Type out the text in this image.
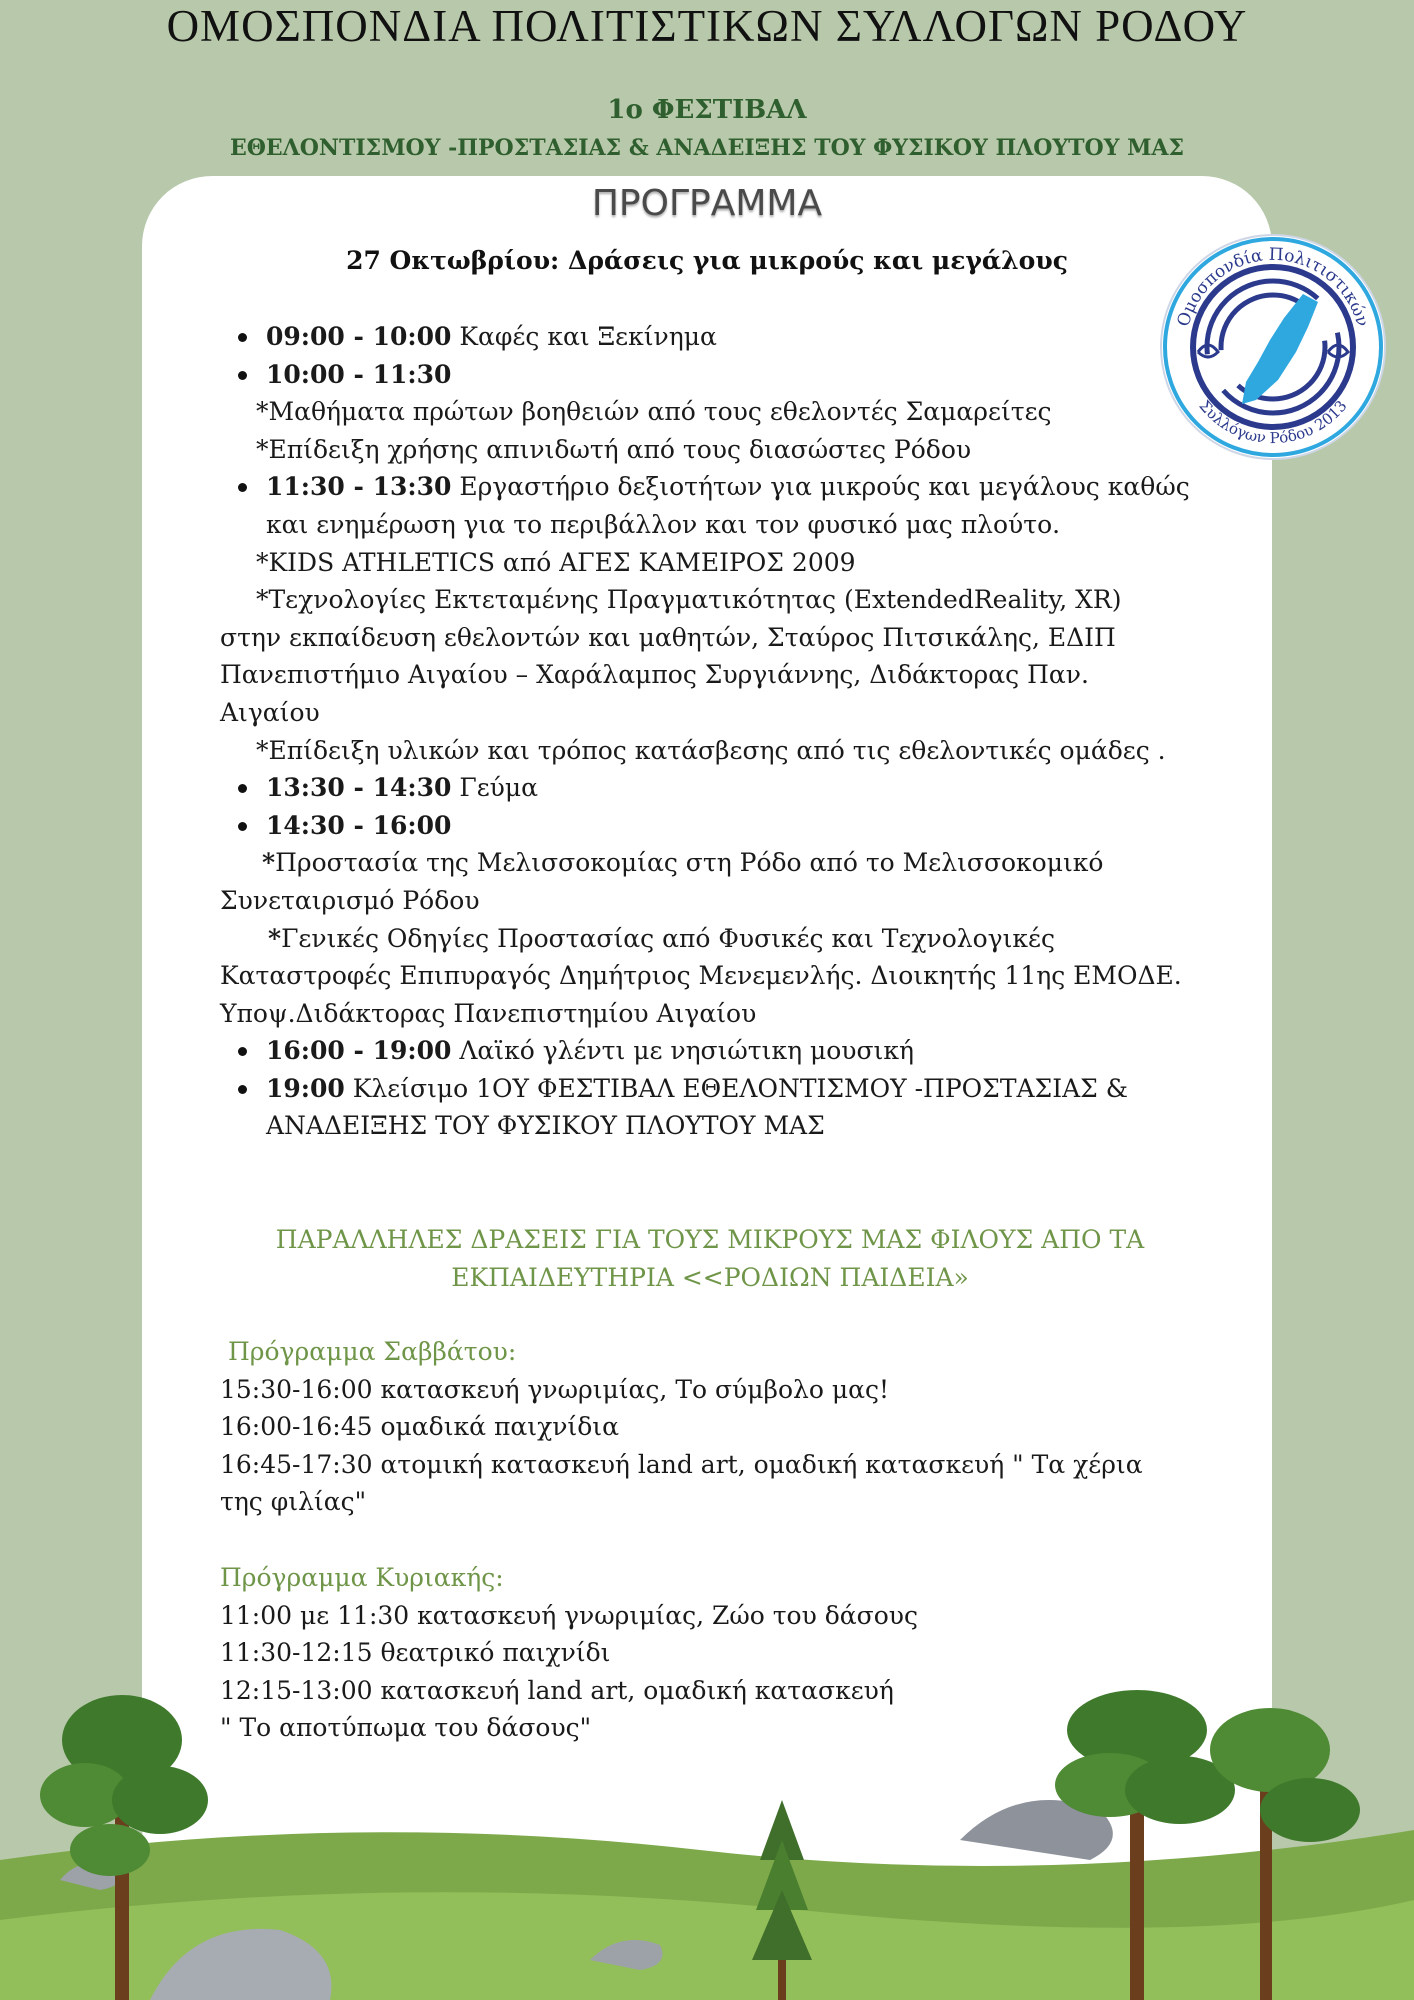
ΟΜΟΣΠΟΝΔΙΑ ΠΟΛΙΤΙΣΤΙΚΩΝ ΣΥΛΛΟΓΩΝ ΡΟΔΟΥ
1ο ΦΕΣΤΙΒΑΛ
ΕΘΕΛΟΝΤΙΣΜΟΥ -ΠΡΟΣΤΑΣΙΑΣ & ΑΝΑΔΕΙΞΗΣ ΤΟΥ ΦΥΣΙΚΟΥ ΠΛΟΥΤΟΥ ΜΑΣ
ΠΡΟΓΡΑΜΜΑ
27 Οκτωβρίου: Δράσεις για μικρούς και μεγάλους
Ομοσπονδία Πολιτιστικών
Συλλόγων Ρόδου 2013
09:00 - 10:00 Καφές και Ξεκίνημα
10:00 - 11:30
*Μαθήματα πρώτων βοηθειών από τους εθελοντές Σαμαρείτες
*Επίδειξη χρήσης απινιδωτή από τους διασώστες Ρόδου
11:30 - 13:30 Εργαστήριο δεξιοτήτων για μικρούς και μεγάλους καθώς
και ενημέρωση για το περιβάλλον και τον φυσικό μας πλούτο.
*KIDS ATHLETICS από ΑΓΕΣ ΚΑΜΕΙΡΟΣ 2009
*Τεχνολογίες Εκτεταμένης Πραγματικότητας (ExtendedReality, XR)
στην εκπαίδευση εθελοντών και μαθητών, Σταύρος Πιτσικάλης, ΕΔΙΠ
Πανεπιστήμιο Αιγαίου – Χαράλαμπος Συργιάννης, Διδάκτορας Παν.
Αιγαίου
*Επίδειξη υλικών και τρόπος κατάσβεσης από τις εθελοντικές ομάδες .
13:30 - 14:30 Γεύμα
14:30 - 16:00
*Προστασία της Μελισσοκομίας στη Ρόδο από το Μελισσοκομικό
Συνεταιρισμό Ρόδου
*Γενικές Οδηγίες Προστασίας από Φυσικές και Τεχνολογικές
Καταστροφές Επιπυραγός Δημήτριος Μενεμενλής. Διοικητής 11ης ΕΜΟΔΕ.
Υποψ.Διδάκτορας Πανεπιστημίου Αιγαίου
16:00 - 19:00 Λαϊκό γλέντι με νησιώτικη μουσική
19:00 Κλείσιμο 1ΟΥ ΦΕΣΤΙΒΑΛ ΕΘΕΛΟΝΤΙΣΜΟΥ -ΠΡΟΣΤΑΣΙΑΣ &
ΑΝΑΔΕΙΞΗΣ ΤΟΥ ΦΥΣΙΚΟΥ ΠΛΟΥΤΟΥ ΜΑΣ
ΠΑΡΑΛΛΗΛΕΣ ΔΡΑΣΕΙΣ ΓΙΑ ΤΟΥΣ ΜΙΚΡΟΥΣ ΜΑΣ ΦΙΛΟΥΣ ΑΠΟ ΤΑ
ΕΚΠΑΙΔΕΥΤΗΡΙΑ <<ΡΟΔΙΩΝ ΠΑΙΔΕΙΑ»
Πρόγραμμα Σαββάτου:
15:30-16:00 κατασκευή γνωριμίας, Το σύμβολο μας!
16:00-16:45 ομαδικά παιχνίδια
16:45-17:30 ατομική κατασκευή land art, ομαδική κατασκευή " Τα χέρια
της φιλίας"
Πρόγραμμα Κυριακής:
11:00 με 11:30 κατασκευή γνωριμίας, Ζώο του δάσους
11:30-12:15 θεατρικό παιχνίδι
12:15-13:00 κατασκευή land art, ομαδική κατασκευή
" Το αποτύπωμα του δάσους"
